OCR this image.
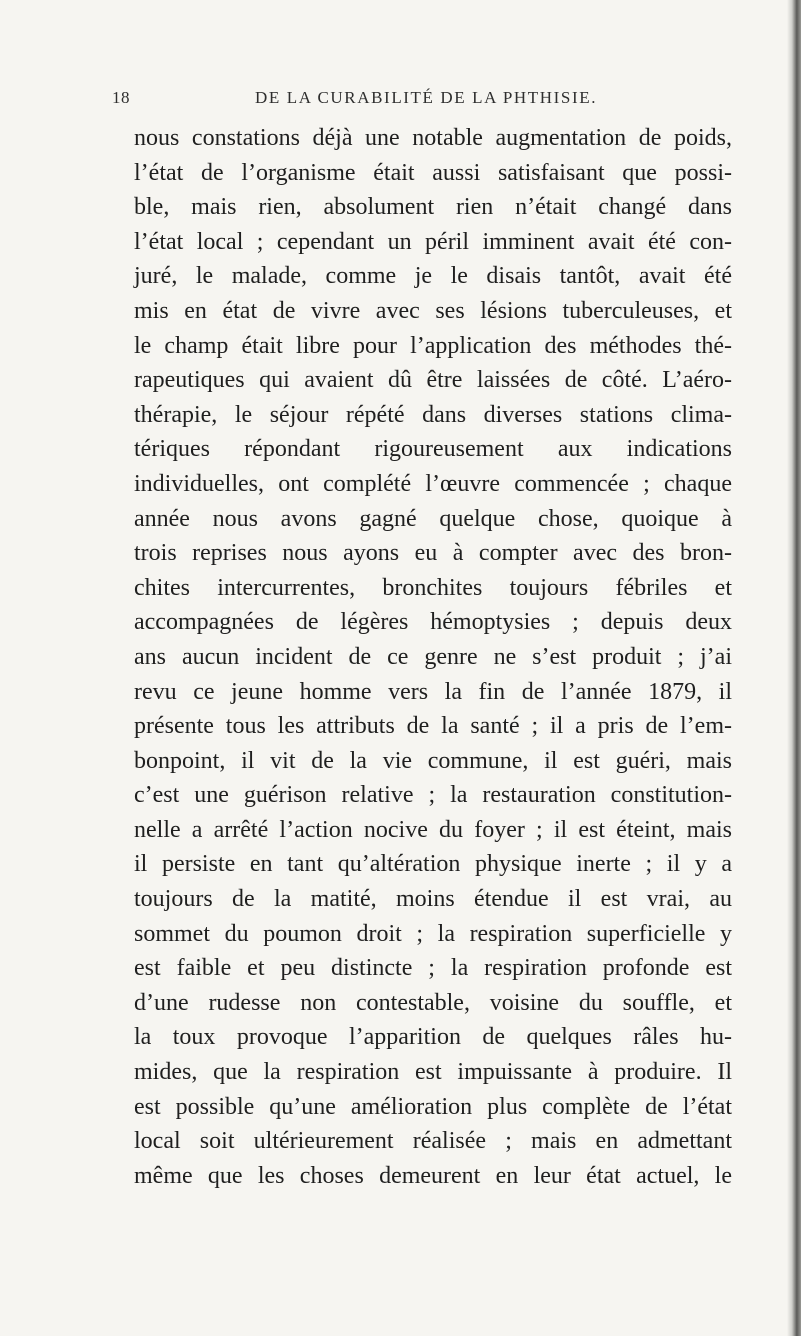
18	DE LA CURABILITÉ DE LA PHTHISIE.
nous constations déjà une notable augmentation de poids,
l’état de l’organisme était aussi satisfaisant que possi-
ble, mais rien, absolument rien n’était changé dans
l’état local ; cependant un péril imminent avait été con-
juré, le malade, comme je le disais tantôt, avait été
mis en état de vivre avec ses lésions tuberculeuses, et
le champ était libre pour l’application des méthodes thé-
rapeutiques qui avaient dû être laissées de côté. L’aéro-
thérapie, le séjour répété dans diverses stations clima-
tériques répondant rigoureusement aux indications
individuelles, ont complété l’œuvre commencée ; chaque
année nous avons gagné quelque chose, quoique à
trois reprises nous ayons eu à compter avec des bron-
chites intercurrentes, bronchites toujours fébriles et
accompagnées de légères hémoptysies ; depuis deux
ans aucun incident de ce genre ne s’est produit ; j’ai
revu ce jeune homme vers la fin de l’année 1879, il
présente tous les attributs de la santé ; il a pris de l’em-
bonpoint, il vit de la vie commune, il est guéri, mais
c’est une guérison relative ; la restauration constitution-
nelle a arrêté l’action nocive du foyer ; il est éteint, mais
il persiste en tant qu’altération physique inerte ; il y a
toujours de la matité, moins étendue il est vrai, au
sommet du poumon droit ; la respiration superficielle y
est faible et peu distincte ; la respiration profonde est
d’une rudesse non contestable, voisine du souffle, et
la toux provoque l’apparition de quelques râles hu-
mides, que la respiration est impuissante à produire. Il
est possible qu’une amélioration plus complète de l’état
local soit ultérieurement réalisée ; mais en admettant
même que les choses demeurent en leur état actuel, le
